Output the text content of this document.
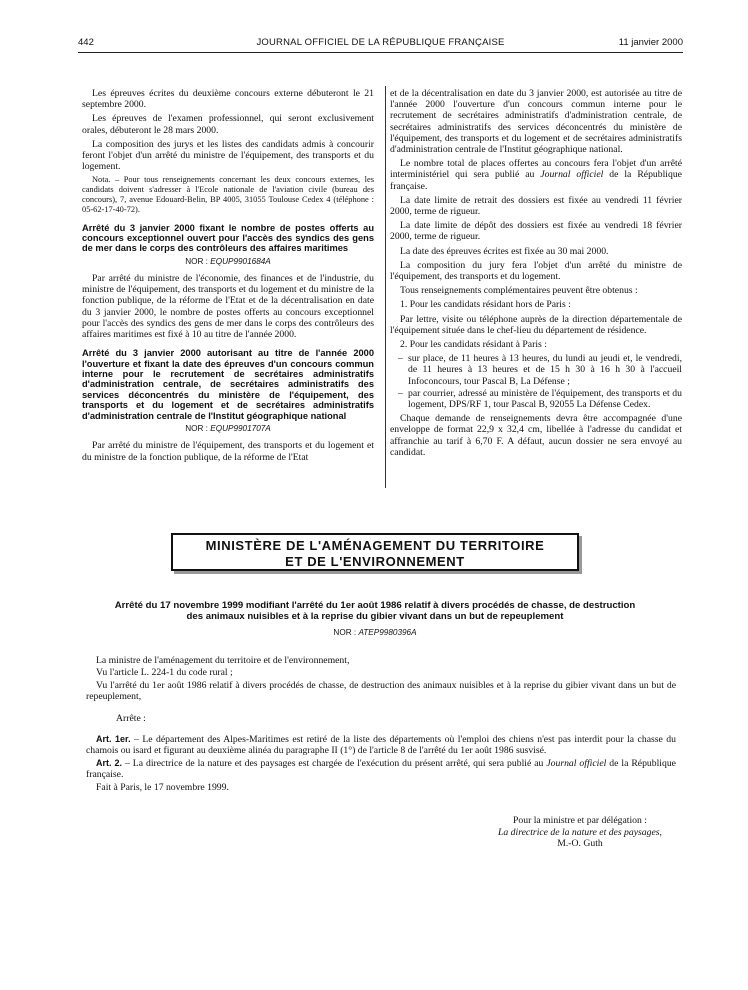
442	JOURNAL OFFICIEL DE LA RÉPUBLIQUE FRANÇAISE	11 janvier 2000

Les épreuves écrites du deuxième concours externe débuteront le 21 septembre 2000.

Les épreuves de l'examen professionnel, qui seront exclusivement orales, débuteront le 28 mars 2000.

La composition des jurys et les listes des candidats admis à concourir feront l'objet d'un arrêté du ministre de l'équipement, des transports et du logement.

Nota. – Pour tous renseignements concernant les deux concours externes, les candidats doivent s'adresser à l'Ecole nationale de l'aviation civile (bureau des concours), 7, avenue Edouard-Belin, BP 4005, 31055 Toulouse Cedex 4 (téléphone : 05-62-17-40-72).

Arrêté du 3 janvier 2000 fixant le nombre de postes offerts au concours exceptionnel ouvert pour l'accès des syndics des gens de mer dans le corps des contrôleurs des affaires maritimes

NOR : EQUP9901684A

Par arrêté du ministre de l'économie, des finances et de l'industrie, du ministre de l'équipement, des transports et du logement et du ministre de la fonction publique, de la réforme de l'Etat et de la décentralisation en date du 3 janvier 2000, le nombre de postes offerts au concours exceptionnel pour l'accès des syndics des gens de mer dans le corps des contrôleurs des affaires maritimes est fixé à 10 au titre de l'année 2000.

Arrêté du 3 janvier 2000 autorisant au titre de l'année 2000 l'ouverture et fixant la date des épreuves d'un concours commun interne pour le recrutement de secrétaires administratifs d'administration centrale, de secrétaires administratifs des services déconcentrés du ministère de l'équipement, des transports et du logement et de secrétaires administratifs d'administration centrale de l'Institut géographique national

NOR : EQUP9901707A

Par arrêté du ministre de l'équipement, des transports et du logement et du ministre de la fonction publique, de la réforme de l'Etat

et de la décentralisation en date du 3 janvier 2000, est autorisée au titre de l'année 2000 l'ouverture d'un concours commun interne pour le recrutement de secrétaires administratifs d'administration centrale, de secrétaires administratifs des services déconcentrés du ministère de l'équipement, des transports et du logement et de secrétaires administratifs d'administration centrale de l'Institut géographique national.

Le nombre total de places offertes au concours fera l'objet d'un arrêté interministériel qui sera publié au Journal officiel de la République française.

La date limite de retrait des dossiers est fixée au vendredi 11 février 2000, terme de rigueur.

La date limite de dépôt des dossiers est fixée au vendredi 18 février 2000, terme de rigueur.

La date des épreuves écrites est fixée au 30 mai 2000.

La composition du jury fera l'objet d'un arrêté du ministre de l'équipement, des transports et du logement.

Tous renseignements complémentaires peuvent être obtenus :

1. Pour les candidats résidant hors de Paris :

Par lettre, visite ou téléphone auprès de la direction départementale de l'équipement située dans le chef-lieu du département de résidence.

2. Pour les candidats résidant à Paris :

– sur place, de 11 heures à 13 heures, du lundi au jeudi et, le vendredi, de 11 heures à 13 heures et de 15 h 30 à 16 h 30 à l'accueil Infoconcours, tour Pascal B, La Défense ;
– par courrier, adressé au ministère de l'équipement, des transports et du logement, DPS/RF 1, tour Pascal B, 92055 La Défense Cedex.

Chaque demande de renseignements devra être accompagnée d'une enveloppe de format 22,9 x 32,4 cm, libellée à l'adresse du candidat et affranchie au tarif à 6,70 F. A défaut, aucun dossier ne sera envoyé au candidat.

MINISTÈRE DE L'AMÉNAGEMENT DU TERRITOIRE
ET DE L'ENVIRONNEMENT
Arrêté du 17 novembre 1999 modifiant l'arrêté du 1er août 1986 relatif à divers procédés de chasse, de destruction des animaux nuisibles et à la reprise du gibier vivant dans un but de repeuplement
NOR : ATEP9980396A

La ministre de l'aménagement du territoire et de l'environnement,

Vu l'article L. 224-1 du code rural ;

Vu l'arrêté du 1er août 1986 relatif à divers procédés de chasse, de destruction des animaux nuisibles et à la reprise du gibier vivant dans un but de repeuplement,

Arrête :

Art. 1er. – Le département des Alpes-Maritimes est retiré de la liste des départements où l'emploi des chiens n'est pas interdit pour la chasse du chamois ou isard et figurant au deuxième alinéa du paragraphe II (1°) de l'article 8 de l'arrêté du 1er août 1986 susvisé.

Art. 2. – La directrice de la nature et des paysages est chargée de l'exécution du présent arrêté, qui sera publié au Journal officiel de la République française.

Fait à Paris, le 17 novembre 1999.

Pour la ministre et par délégation :
La directrice de la nature et des paysages,
M.-O. Guth
